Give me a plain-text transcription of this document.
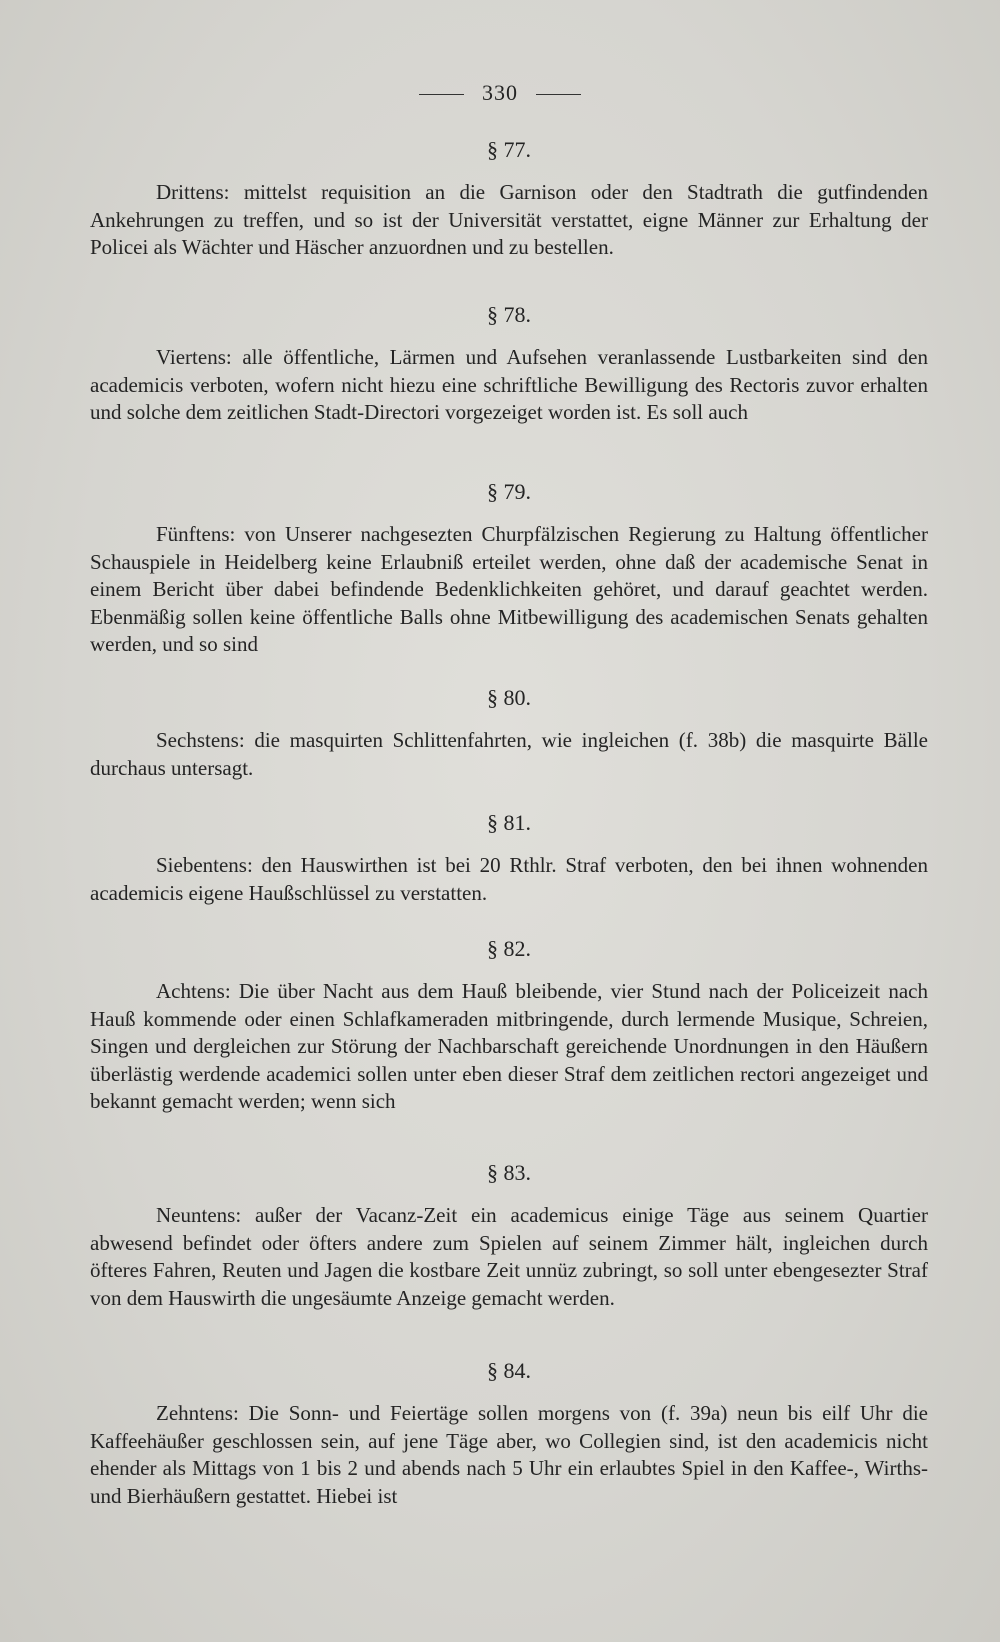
330
§ 77.
Drittens: mittelst requisition an die Garnison oder den Stadtrath die gutfindenden Ankehrungen zu treffen, und so ist der Universität verstattet, eigne Männer zur Erhaltung der Policei als Wächter und Häscher anzuordnen und zu bestellen.
§ 78.
Viertens: alle öffentliche, Lärmen und Aufsehen veranlassende Lustbarkeiten sind den academicis verboten, wofern nicht hiezu eine schriftliche Bewilligung des Rectoris zuvor erhalten und solche dem zeitlichen Stadt-Directori vorgezeiget worden ist. Es soll auch
§ 79.
Fünftens: von Unserer nachgesezten Churpfälzischen Regierung zu Haltung öffentlicher Schauspiele in Heidelberg keine Erlaubniß erteilet werden, ohne daß der academische Senat in einem Bericht über dabei befindende Bedenklichkeiten gehöret, und darauf geachtet werden. Ebenmäßig sollen keine öffentliche Balls ohne Mitbewilligung des academischen Senats gehalten werden, und so sind
§ 80.
Sechstens: die masquirten Schlittenfahrten, wie ingleichen (f. 38b) die masquirte Bälle durchaus untersagt.
§ 81.
Siebentens: den Hauswirthen ist bei 20 Rthlr. Straf verboten, den bei ihnen wohnenden academicis eigene Haußschlüssel zu verstatten.
§ 82.
Achtens: Die über Nacht aus dem Hauß bleibende, vier Stund nach der Policeizeit nach Hauß kommende oder einen Schlafkameraden mitbringende, durch lermende Musique, Schreien, Singen und dergleichen zur Störung der Nachbarschaft gereichende Unordnungen in den Häußern überlästig werdende academici sollen unter eben dieser Straf dem zeitlichen rectori angezeiget und bekannt gemacht werden; wenn sich
§ 83.
Neuntens: außer der Vacanz-Zeit ein academicus einige Täge aus seinem Quartier abwesend befindet oder öfters andere zum Spielen auf seinem Zimmer hält, ingleichen durch öfteres Fahren, Reuten und Jagen die kostbare Zeit unnüz zubringt, so soll unter ebengesezter Straf von dem Hauswirth die ungesäumte Anzeige gemacht werden.
§ 84.
Zehntens: Die Sonn- und Feiertäge sollen morgens von (f. 39a) neun bis eilf Uhr die Kaffeehäußer geschlossen sein, auf jene Täge aber, wo Collegien sind, ist den academicis nicht ehender als Mittags von 1 bis 2 und abends nach 5 Uhr ein erlaubtes Spiel in den Kaffee-, Wirths- und Bierhäußern gestattet. Hiebei ist
